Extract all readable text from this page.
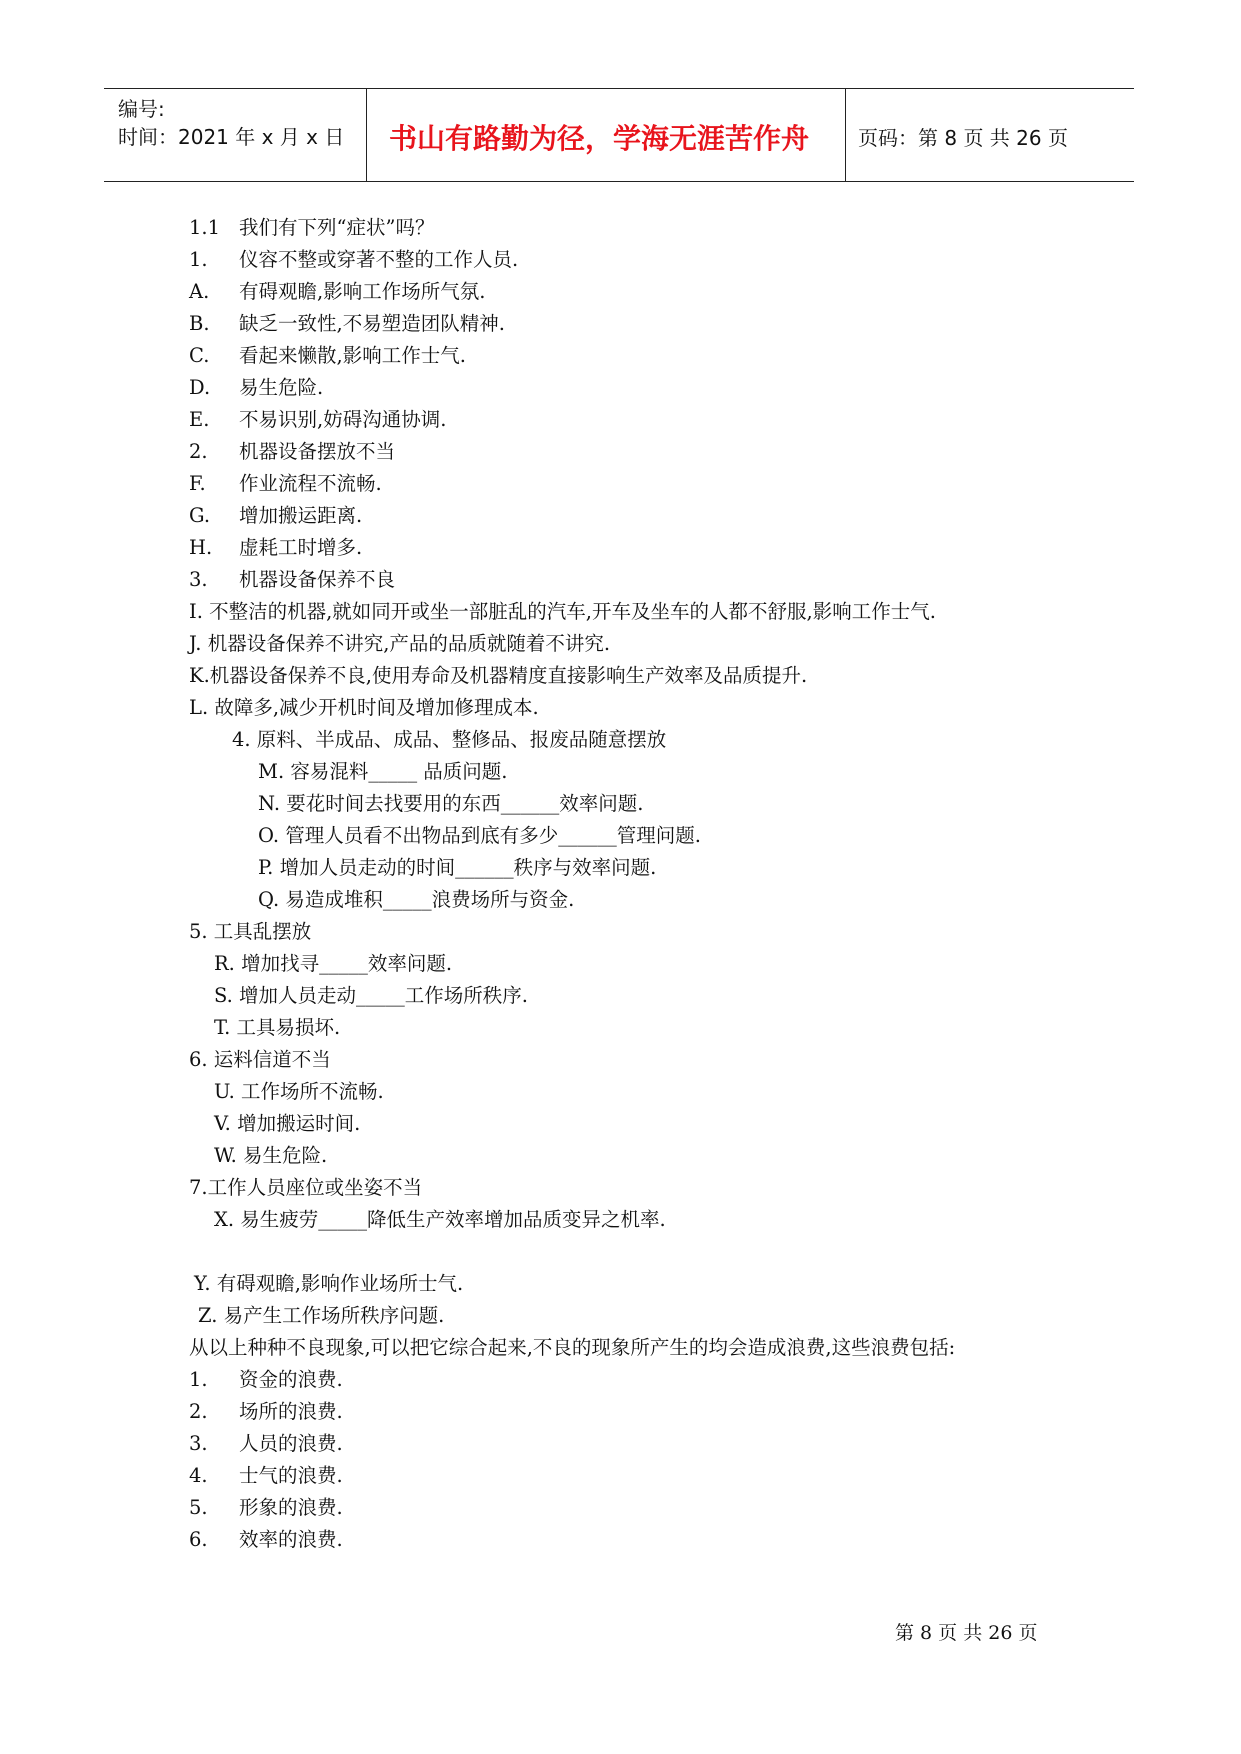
编号:
时间：2021 年 x 月 x 日 书山有路勤为径，学海无涯苦作舟 页码：第 8 页 共 26 页
1.1 我们有下列“症状”吗？
1. 仪容不整或穿著不整的工作人员.
A. 有碍观瞻,影响工作场所气氛.
B. 缺乏一致性,不易塑造团队精神.
C. 看起来懒散,影响工作士气.
D. 易生危险.
E. 不易识别,妨碍沟通协调.
2. 机器设备摆放不当
F. 作业流程不流畅.
G. 增加搬运距离.
H. 虚耗工时增多.
3. 机器设备保养不良
I. 不整洁的机器,就如同开或坐一部脏乱的汽车,开车及坐车的人都不舒服,影响工作士气.
J. 机器设备保养不讲究,产品的品质就随着不讲究.
K.机器设备保养不良,使用寿命及机器精度直接影响生产效率及品质提升.
L. 故障多,减少开机时间及增加修理成本.
4. 原料、半成品、成品、整修品、报废品随意摆放
M. 容易混料_____ 品质问题.
N. 要花时间去找要用的东西______效率问题.
O. 管理人员看不出物品到底有多少______管理问题.
P. 增加人员走动的时间______秩序与效率问题.
Q. 易造成堆积_____浪费场所与资金.
5. 工具乱摆放
R. 增加找寻_____效率问题.
S. 增加人员走动_____工作场所秩序.
T. 工具易损坏.
6. 运料信道不当
U. 工作场所不流畅.
V. 增加搬运时间.
W. 易生危险.
7.工作人员座位或坐姿不当
X. 易生疲劳_____降低生产效率增加品质变异之机率.
Y. 有碍观瞻,影响作业场所士气.
Z. 易产生工作场所秩序问题.
从以上种种不良现象,可以把它综合起来,不良的现象所产生的均会造成浪费,这些浪费包括:
1. 资金的浪费.
2. 场所的浪费.
3. 人员的浪费.
4. 士气的浪费.
5. 形象的浪费.
6. 效率的浪费.
第 8 页 共 26 页
